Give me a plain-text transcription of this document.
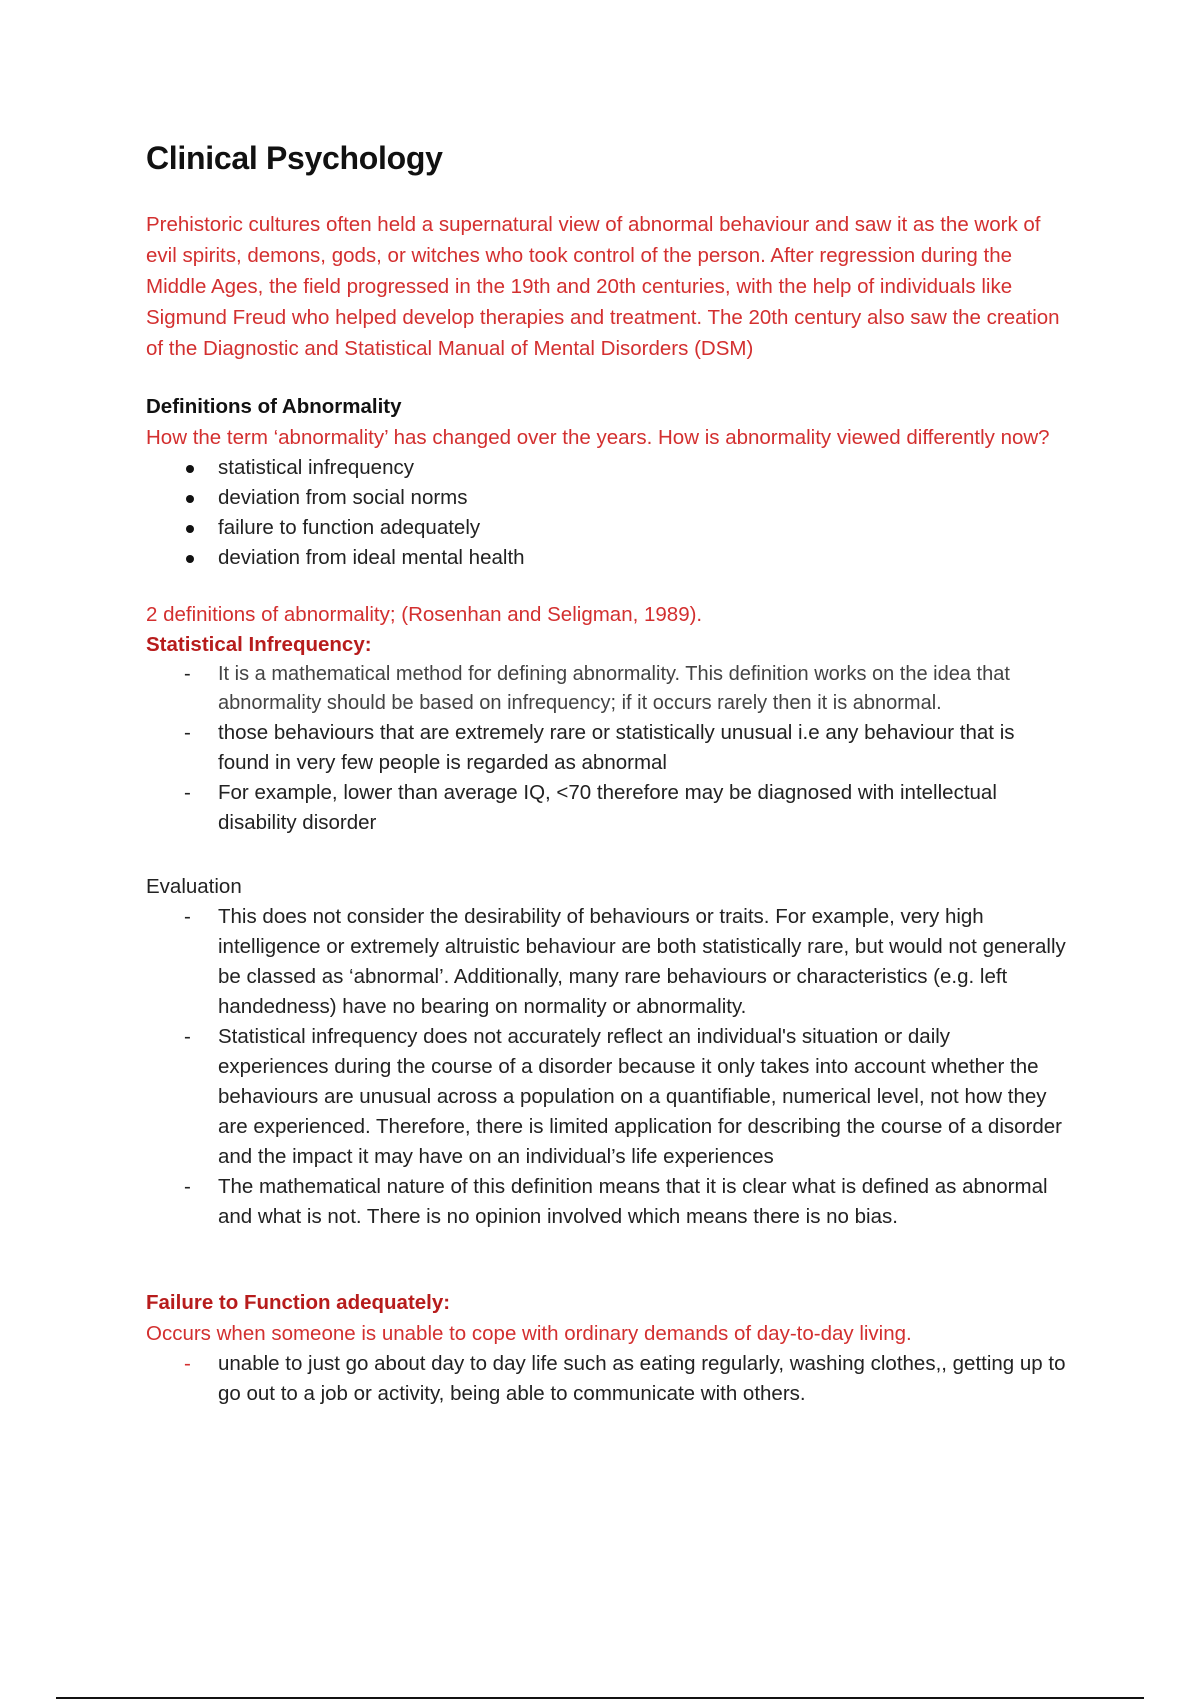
Clinical Psychology

Prehistoric cultures often held a supernatural view of abnormal behaviour and saw it as the work of evil spirits, demons, gods, or witches who took control of the person. After regression during the Middle Ages, the field progressed in the 19th and 20th centuries, with the help of individuals like Sigmund Freud who helped develop therapies and treatment. The 20th century also saw the creation of the Diagnostic and Statistical Manual of Mental Disorders (DSM)

Definitions of Abnormality

How the term ‘abnormality’ has changed over the years. How is abnormality viewed differently now?

statistical infrequency
deviation from social norms
failure to function adequately
deviation from ideal mental health

2 definitions of abnormality; (Rosenhan and Seligman, 1989).

Statistical Infrequency:
- It is a mathematical method for defining abnormality. This definition works on the idea that abnormality should be based on infrequency; if it occurs rarely then it is abnormal.
- those behaviours that are extremely rare or statistically unusual i.e any behaviour that is found in very few people is regarded as abnormal
- For example, lower than average IQ, <70 therefore may be diagnosed with intellectual disability disorder
Evaluation
- This does not consider the desirability of behaviours or traits. For example, very high intelligence or extremely altruistic behaviour are both statistically rare, but would not generally be classed as ‘abnormal’. Additionally, many rare behaviours or characteristics (e.g. left handedness) have no bearing on normality or abnormality.
- Statistical infrequency does not accurately reflect an individual's situation or daily experiences during the course of a disorder because it only takes into account whether the behaviours are unusual across a population on a quantifiable, numerical level, not how they are experienced. Therefore, there is limited application for describing the course of a disorder and the impact it may have on an individual’s life experiences
- The mathematical nature of this definition means that it is clear what is defined as abnormal and what is not. There is no opinion involved which means there is no bias.
Failure to Function adequately:

Occurs when someone is unable to cope with ordinary demands of day-to-day living.

- unable to just go about day to day life such as eating regularly, washing clothes,, getting up to go out to a job or activity, being able to communicate with others.
